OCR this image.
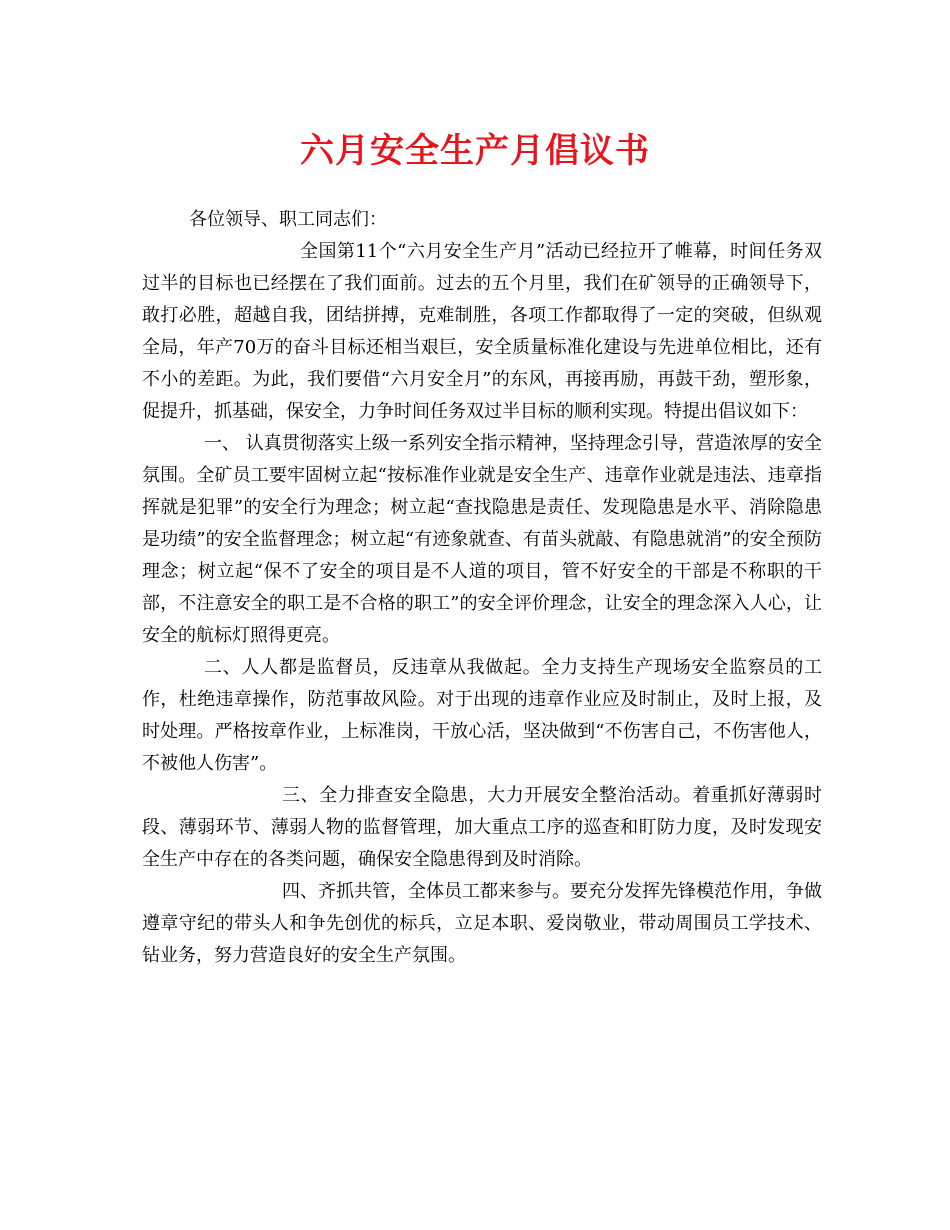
六月安全生产月倡议书

各位领导、职工同志们：

全国第11个“六月安全生产月”活动已经拉开了帷幕，时间任务双过半的目标也已经摆在了我们面前。过去的五个月里，我们在矿领导的正确领导下，敢打必胜，超越自我，团结拼搏，克难制胜，各项工作都取得了一定的突破，但纵观全局，年产70万的奋斗目标还相当艰巨，安全质量标准化建设与先进单位相比，还有不小的差距。为此，我们要借“六月安全月”的东风，再接再励，再鼓干劲，塑形象，促提升，抓基础，保安全，力争时间任务双过半目标的顺利实现。特提出倡议如下：

一、 认真贯彻落实上级一系列安全指示精神，坚持理念引导，营造浓厚的安全氛围。全矿员工要牢固树立起“按标准作业就是安全生产、违章作业就是违法、违章指挥就是犯罪”的安全行为理念；树立起“查找隐患是责任、发现隐患是水平、消除隐患是功绩”的安全监督理念；树立起“有迹象就查、有苗头就敲、有隐患就消”的安全预防理念；树立起“保不了安全的项目是不人道的项目，管不好安全的干部是不称职的干部，不注意安全的职工是不合格的职工”的安全评价理念，让安全的理念深入人心，让安全的航标灯照得更亮。

二、人人都是监督员，反违章从我做起。全力支持生产现场安全监察员的工作，杜绝违章操作，防范事故风险。对于出现的违章作业应及时制止，及时上报，及时处理。严格按章作业，上标准岗，干放心活，坚决做到“不伤害自己，不伤害他人，不被他人伤害”。

三、全力排查安全隐患，大力开展安全整治活动。着重抓好薄弱时段、薄弱环节、薄弱人物的监督管理，加大重点工序的巡查和盯防力度，及时发现安全生产中存在的各类问题，确保安全隐患得到及时消除。

四、齐抓共管，全体员工都来参与。要充分发挥先锋模范作用，争做遵章守纪的带头人和争先创优的标兵，立足本职、爱岗敬业，带动周围员工学技术、钻业务，努力营造良好的安全生产氛围。
